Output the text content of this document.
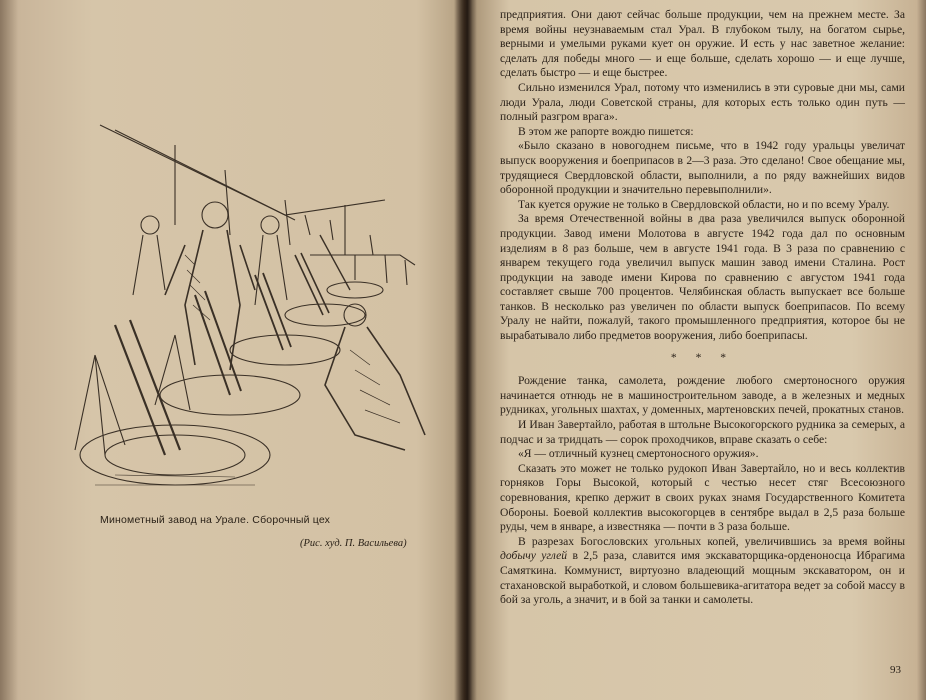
Минометный завод на Урале. Сборочный цех
(Рис. худ. П. Васильева)

предприятия. Они дают сейчас больше продукции, чем на прежнем месте. За время войны неузнаваемым стал Урал. В глубоком тылу, на богатом сырье, верными и умелыми руками кует он оружие. И есть у нас заветное желание: сделать для победы много — и еще больше, сделать хорошо — и еще лучше, сделать быстро — и еще быстрее.

Сильно изменился Урал, потому что изменились в эти суровые дни мы, сами люди Урала, люди Советской страны, для которых есть только один путь — полный разгром врага».

В этом же рапорте вождю пишется:

«Было сказано в новогоднем письме, что в 1942 году уральцы увеличат выпуск вооружения и боеприпасов в 2—3 раза. Это сделано! Свое обещание мы, трудящиеся Свердловской области, выполнили, а по ряду важнейших видов оборонной продукции и значительно перевыполнили».

Так куется оружие не только в Свердловской области, но и по всему Уралу.

За время Отечественной войны в два раза увеличился выпуск оборонной продукции. Завод имени Молотова в августе 1942 года дал по основным изделиям в 8 раз больше, чем в августе 1941 года. В 3 раза по сравнению с январем текущего года увеличил выпуск машин завод имени Сталина. Рост продукции на заводе имени Кирова по сравнению с августом 1941 года составляет свыше 700 процентов. Челябинская область выпускает все больше танков. В несколько раз увеличен по области выпуск боеприпасов. По всему Уралу не найти, пожалуй, такого промышленного предприятия, которое бы не вырабатывало либо предметов вооружения, либо боеприпасы.

* * *

Рождение танка, самолета, рождение любого смертоносного оружия начинается отнюдь не в машиностроительном заводе, а в железных и медных рудниках, угольных шахтах, у доменных, мартеновских печей, прокатных станов.

И Иван Завертайло, работая в штольне Высокогорского рудника за семерых, а подчас и за тридцать — сорок проходчиков, вправе сказать о себе:

«Я — отличный кузнец смертоносного оружия».

Сказать это может не только рудокоп Иван Завертайло, но и весь коллектив горняков Горы Высокой, который с честью несет стяг Всесоюзного соревнования, крепко держит в своих руках знамя Государственного Комитета Обороны. Боевой коллектив высокогорцев в сентябре выдал в 2,5 раза больше руды, чем в январе, а известняка — почти в 3 раза больше.

В разрезах Богословских угольных копей, увеличившись за время войны добычу углей в 2,5 раза, славится имя экскаваторщика-орденоносца Ибрагима Самяткина. Коммунист, виртуозно владеющий мощным экскаватором, он и стахановской выработкой, и словом большевика-агитатора ведет за собой массу в бой за уголь, а значит, и в бой за танки и самолеты.

93
